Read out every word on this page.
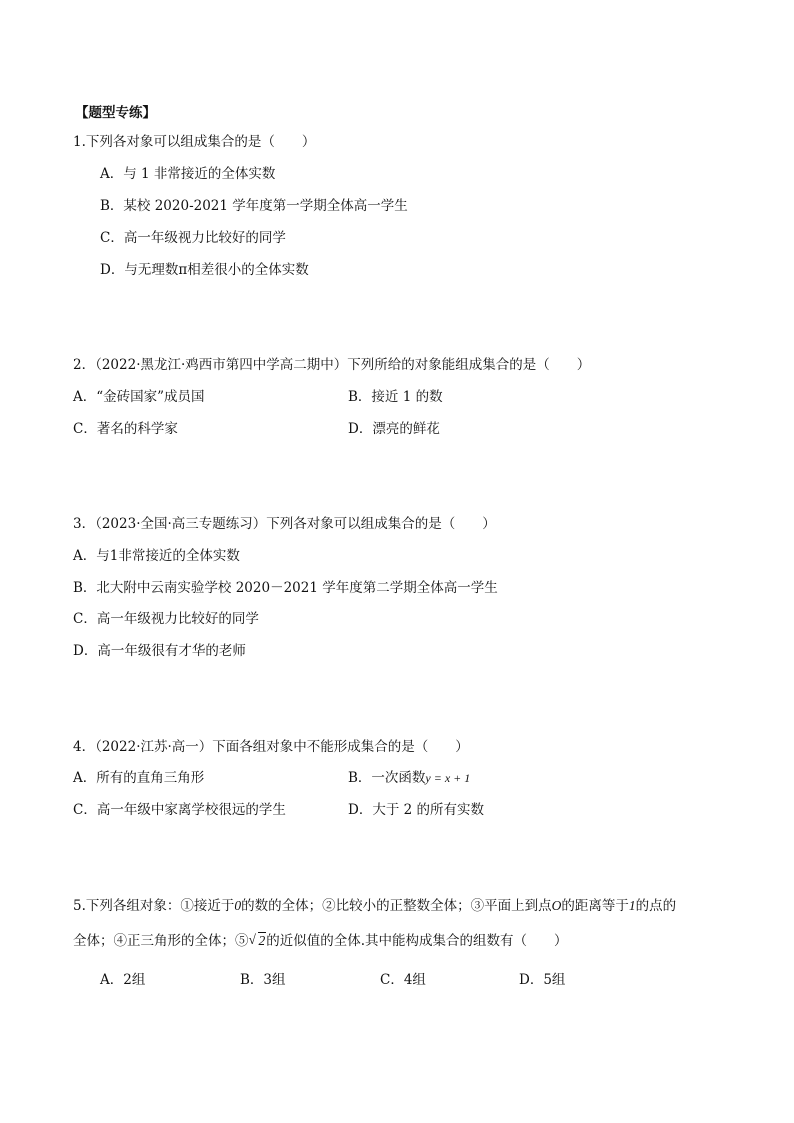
【题型专练】
1.下列各对象可以组成集合的是（　　）
A．与 1 非常接近的全体实数
B．某校 2020-2021 学年度第一学期全体高一学生
C．高一年级视力比较好的同学
D．与无理数π相差很小的全体实数
2．（2022·黑龙江·鸡西市第四中学高二期中）下列所给的对象能组成集合的是（　　）
A．“金砖国家”成员国	B．接近 1 的数
C．著名的科学家	D．漂亮的鲜花
3．（2023·全国·高三专题练习）下列各对象可以组成集合的是（　　）
A．与1非常接近的全体实数
B．北大附中云南实验学校 2020－2021 学年度第二学期全体高一学生
C．高一年级视力比较好的同学
D．高一年级很有才华的老师
4．（2022·江苏·高一）下面各组对象中不能形成集合的是（　　）
A．所有的直角三角形	B．一次函数y = x + 1
C．高一年级中家离学校很远的学生	D．大于 2 的所有实数
5.下列各组对象：①接近于0的数的全体；②比较小的正整数全体；③平面上到点O的距离等于1的点的
全体；④正三角形的全体；⑤√ 2的近似值的全体.其中能构成集合的组数有（　　）
A．2组	B．3组	C．4组	D．5组
